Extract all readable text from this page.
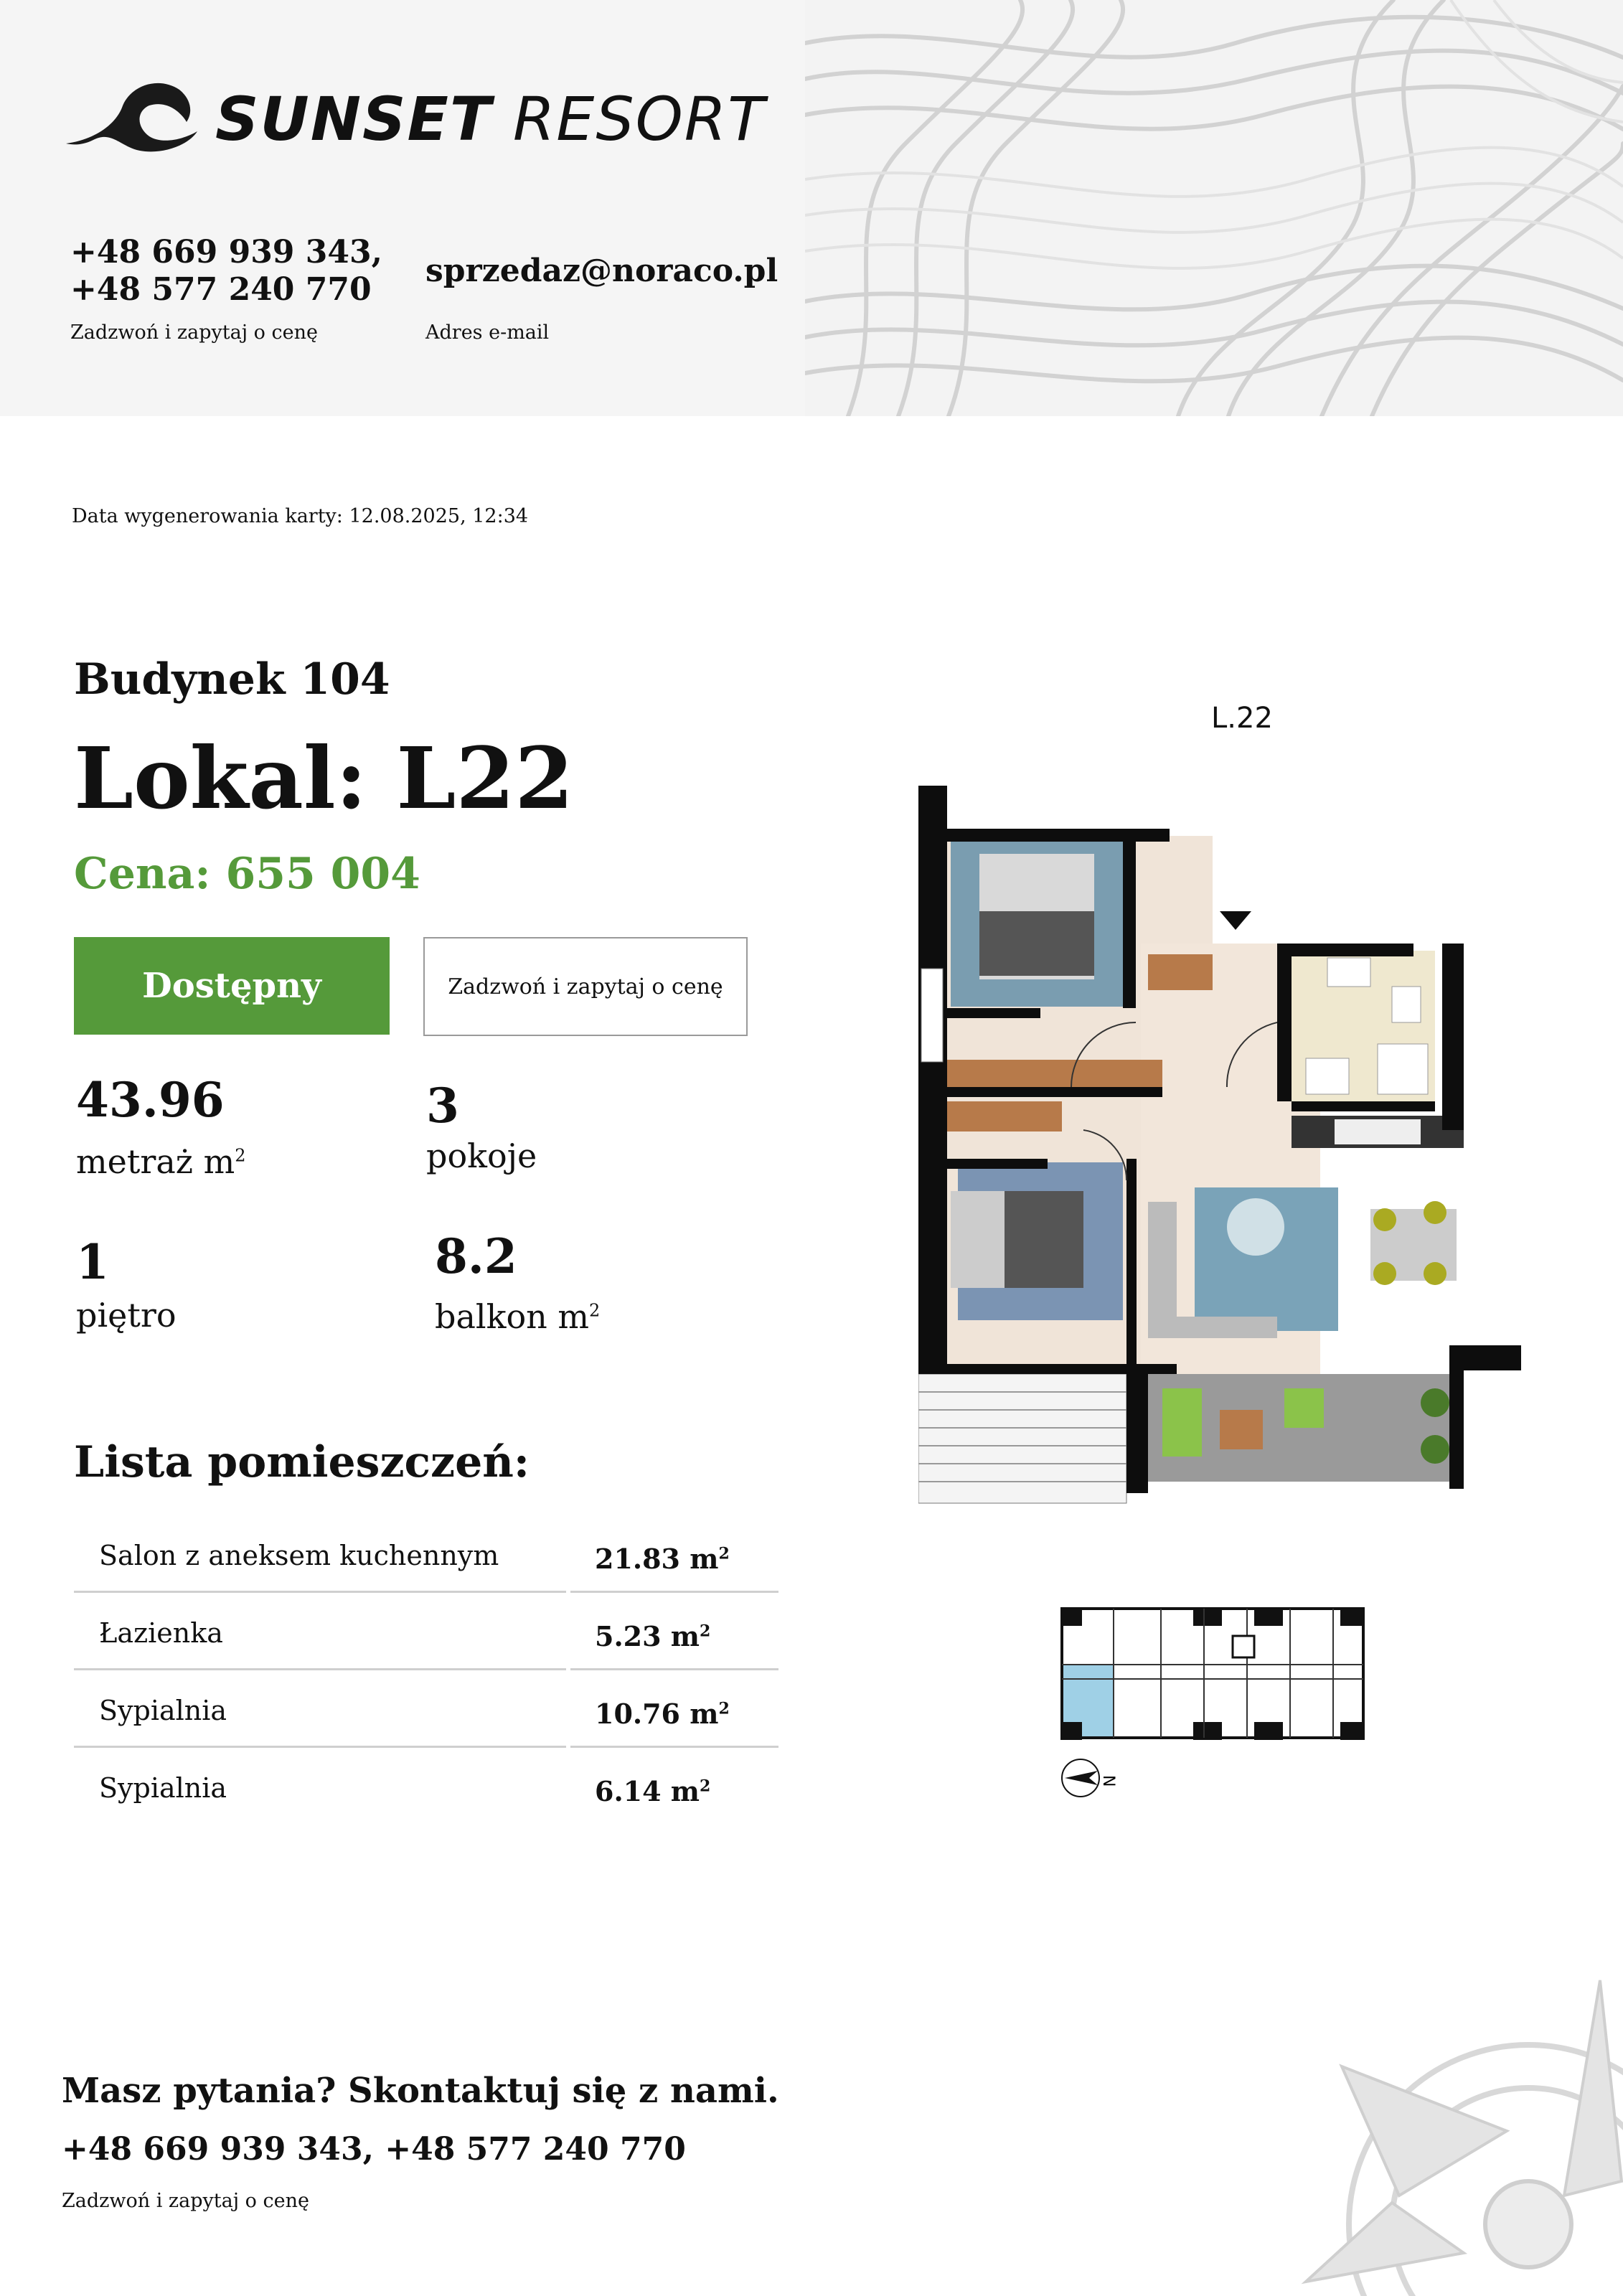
SUNSET RESORT
+48 669 939 343, +48 577 240 770
Zadzwoń i zapytaj o cenę
sprzedaz@noraco.pl
Adres e-mail
Data wygenerowania karty: 12.08.2025, 12:34
Budynek 104
Lokal: L22
Cena: 655 004
Dostępny	Zadzwoń i zapytaj o cenę
43.96
metraż $m^2$
3
pokoje
1
piętro
8.2
balkon $m^2$
Lista pomieszczeń:
Salon z aneksem kuchennym	21.83 $m^2$
Łazienka	5.23 $m^2$
Sypialnia	10.76 $m^2$
Sypialnia	6.14 $m^2$
L.22
N
Masz pytania? Skontaktuj się z nami.
+48 669 939 343, +48 577 240 770
Zadzwoń i zapytaj o cenę
